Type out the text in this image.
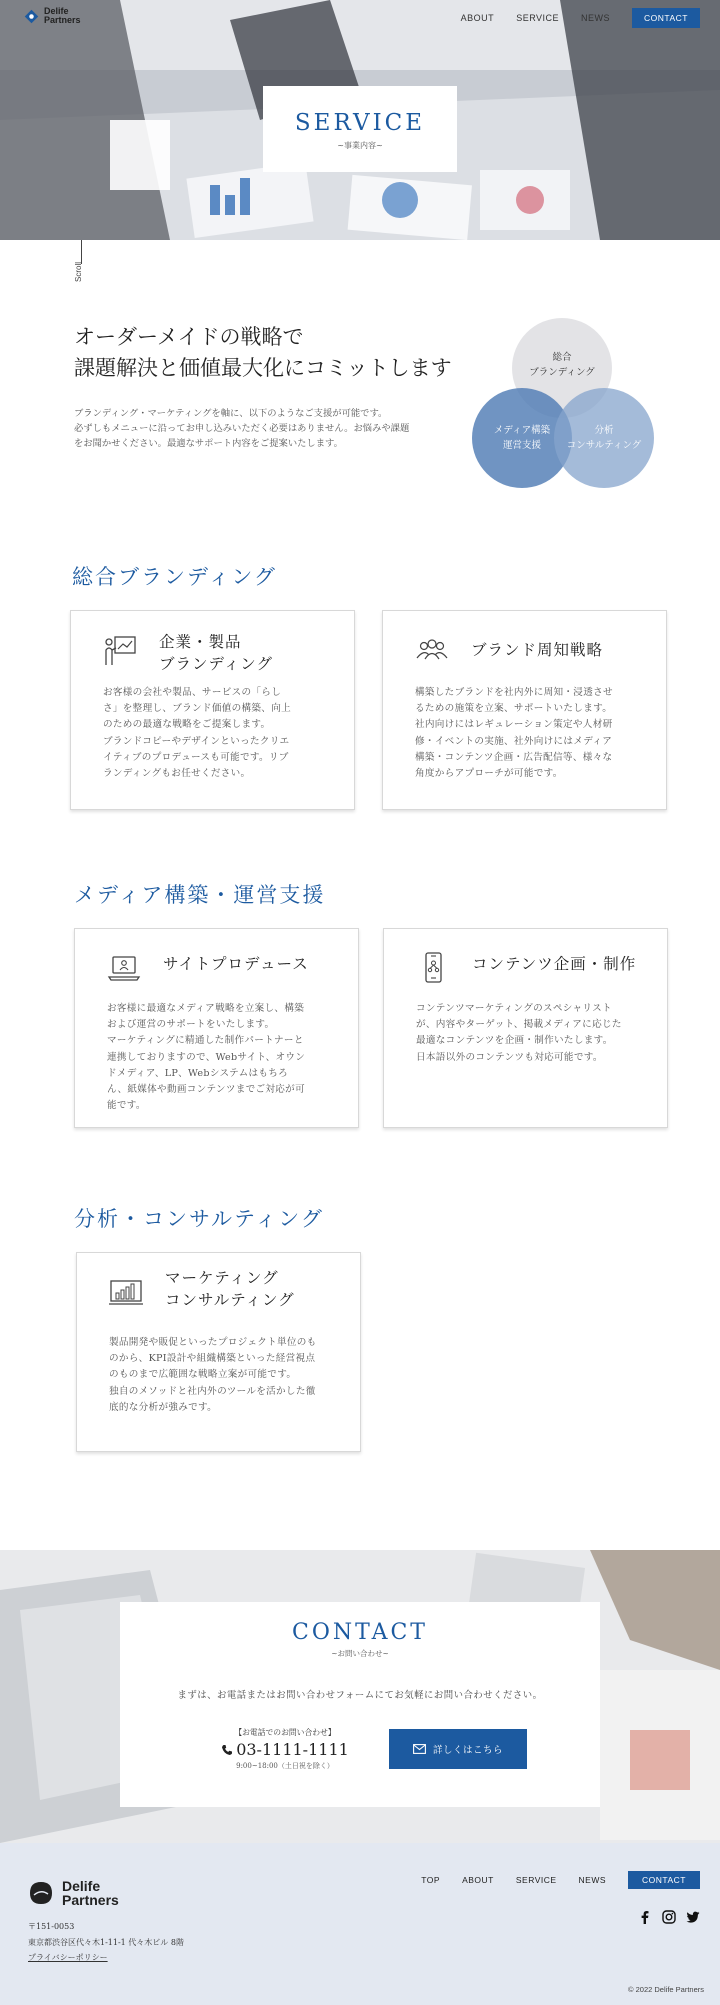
SERVICE
~事業内容~
Delife
Partners	ABOUT SERVICE NEWS	CONTACT
Scroll
オーダーメイドの戦略で
課題解決と価値最大化にコミットします
ブランディング・マーケティングを軸に、以下のようなご支援が可能です。
必ずしもメニューに沿ってお申し込みいただく必要はありません。お悩みや課題
をお聞かせください。最適なサポート内容をご提案いたします。
総合
ブランディング
メディア構築
運営支援
分析
コンサルティング
総合ブランディング
企業・製品
ブランディング
お客様の会社や製品、サービスの「らし
さ」を整理し、ブランド価値の構築、向上
のための最適な戦略をご提案します。
ブランドコピーやデザインといったクリエ
イティブのプロデュースも可能です。リブ
ランディングもお任せください。
ブランド周知戦略
構築したブランドを社内外に周知・浸透させ
るための施策を立案、サポートいたします。
社内向けにはレギュレーション策定や人材研
修・イベントの実施、社外向けにはメディア
構築・コンテンツ企画・広告配信等、様々な
角度からアプローチが可能です。
メディア構築・運営支援
サイトプロデュース
お客様に最適なメディア戦略を立案し、構築
および運営のサポートをいたします。
マーケティングに精通した制作パートナーと
連携しておりますので、Webサイト、オウン
ドメディア、LP、Webシステムはもちろ
ん、紙媒体や動画コンテンツまでご対応が可
能です。
コンテンツ企画・制作
コンテンツマーケティングのスペシャリスト
が、内容やターゲット、掲載メディアに応じた
最適なコンテンツを企画・制作いたします。
日本語以外のコンテンツも対応可能です。
分析・コンサルティング
マーケティング
コンサルティング
製品開発や販促といったプロジェクト単位のも
のから、KPI設計や組織構築といった経営視点
のものまで広範囲な戦略立案が可能です。
独自のメソッドと社内外のツールを活かした徹
底的な分析が強みです。
CONTACT
~お問い合わせ~
まずは、お電話またはお問い合わせフォームにてお気軽にお問い合わせください。
【お電話でのお問い合わせ】
03-1111-1111
9:00~18:00（土日祝を除く）
詳しくはこちら
Delife
Partners
〒151-0053
東京都渋谷区代々木1-11-1 代々木ビル 8階
プライバシーポリシー
TOP	ABOUT	SERVICE	NEWS	CONTACT
© 2022 Delife Partners
